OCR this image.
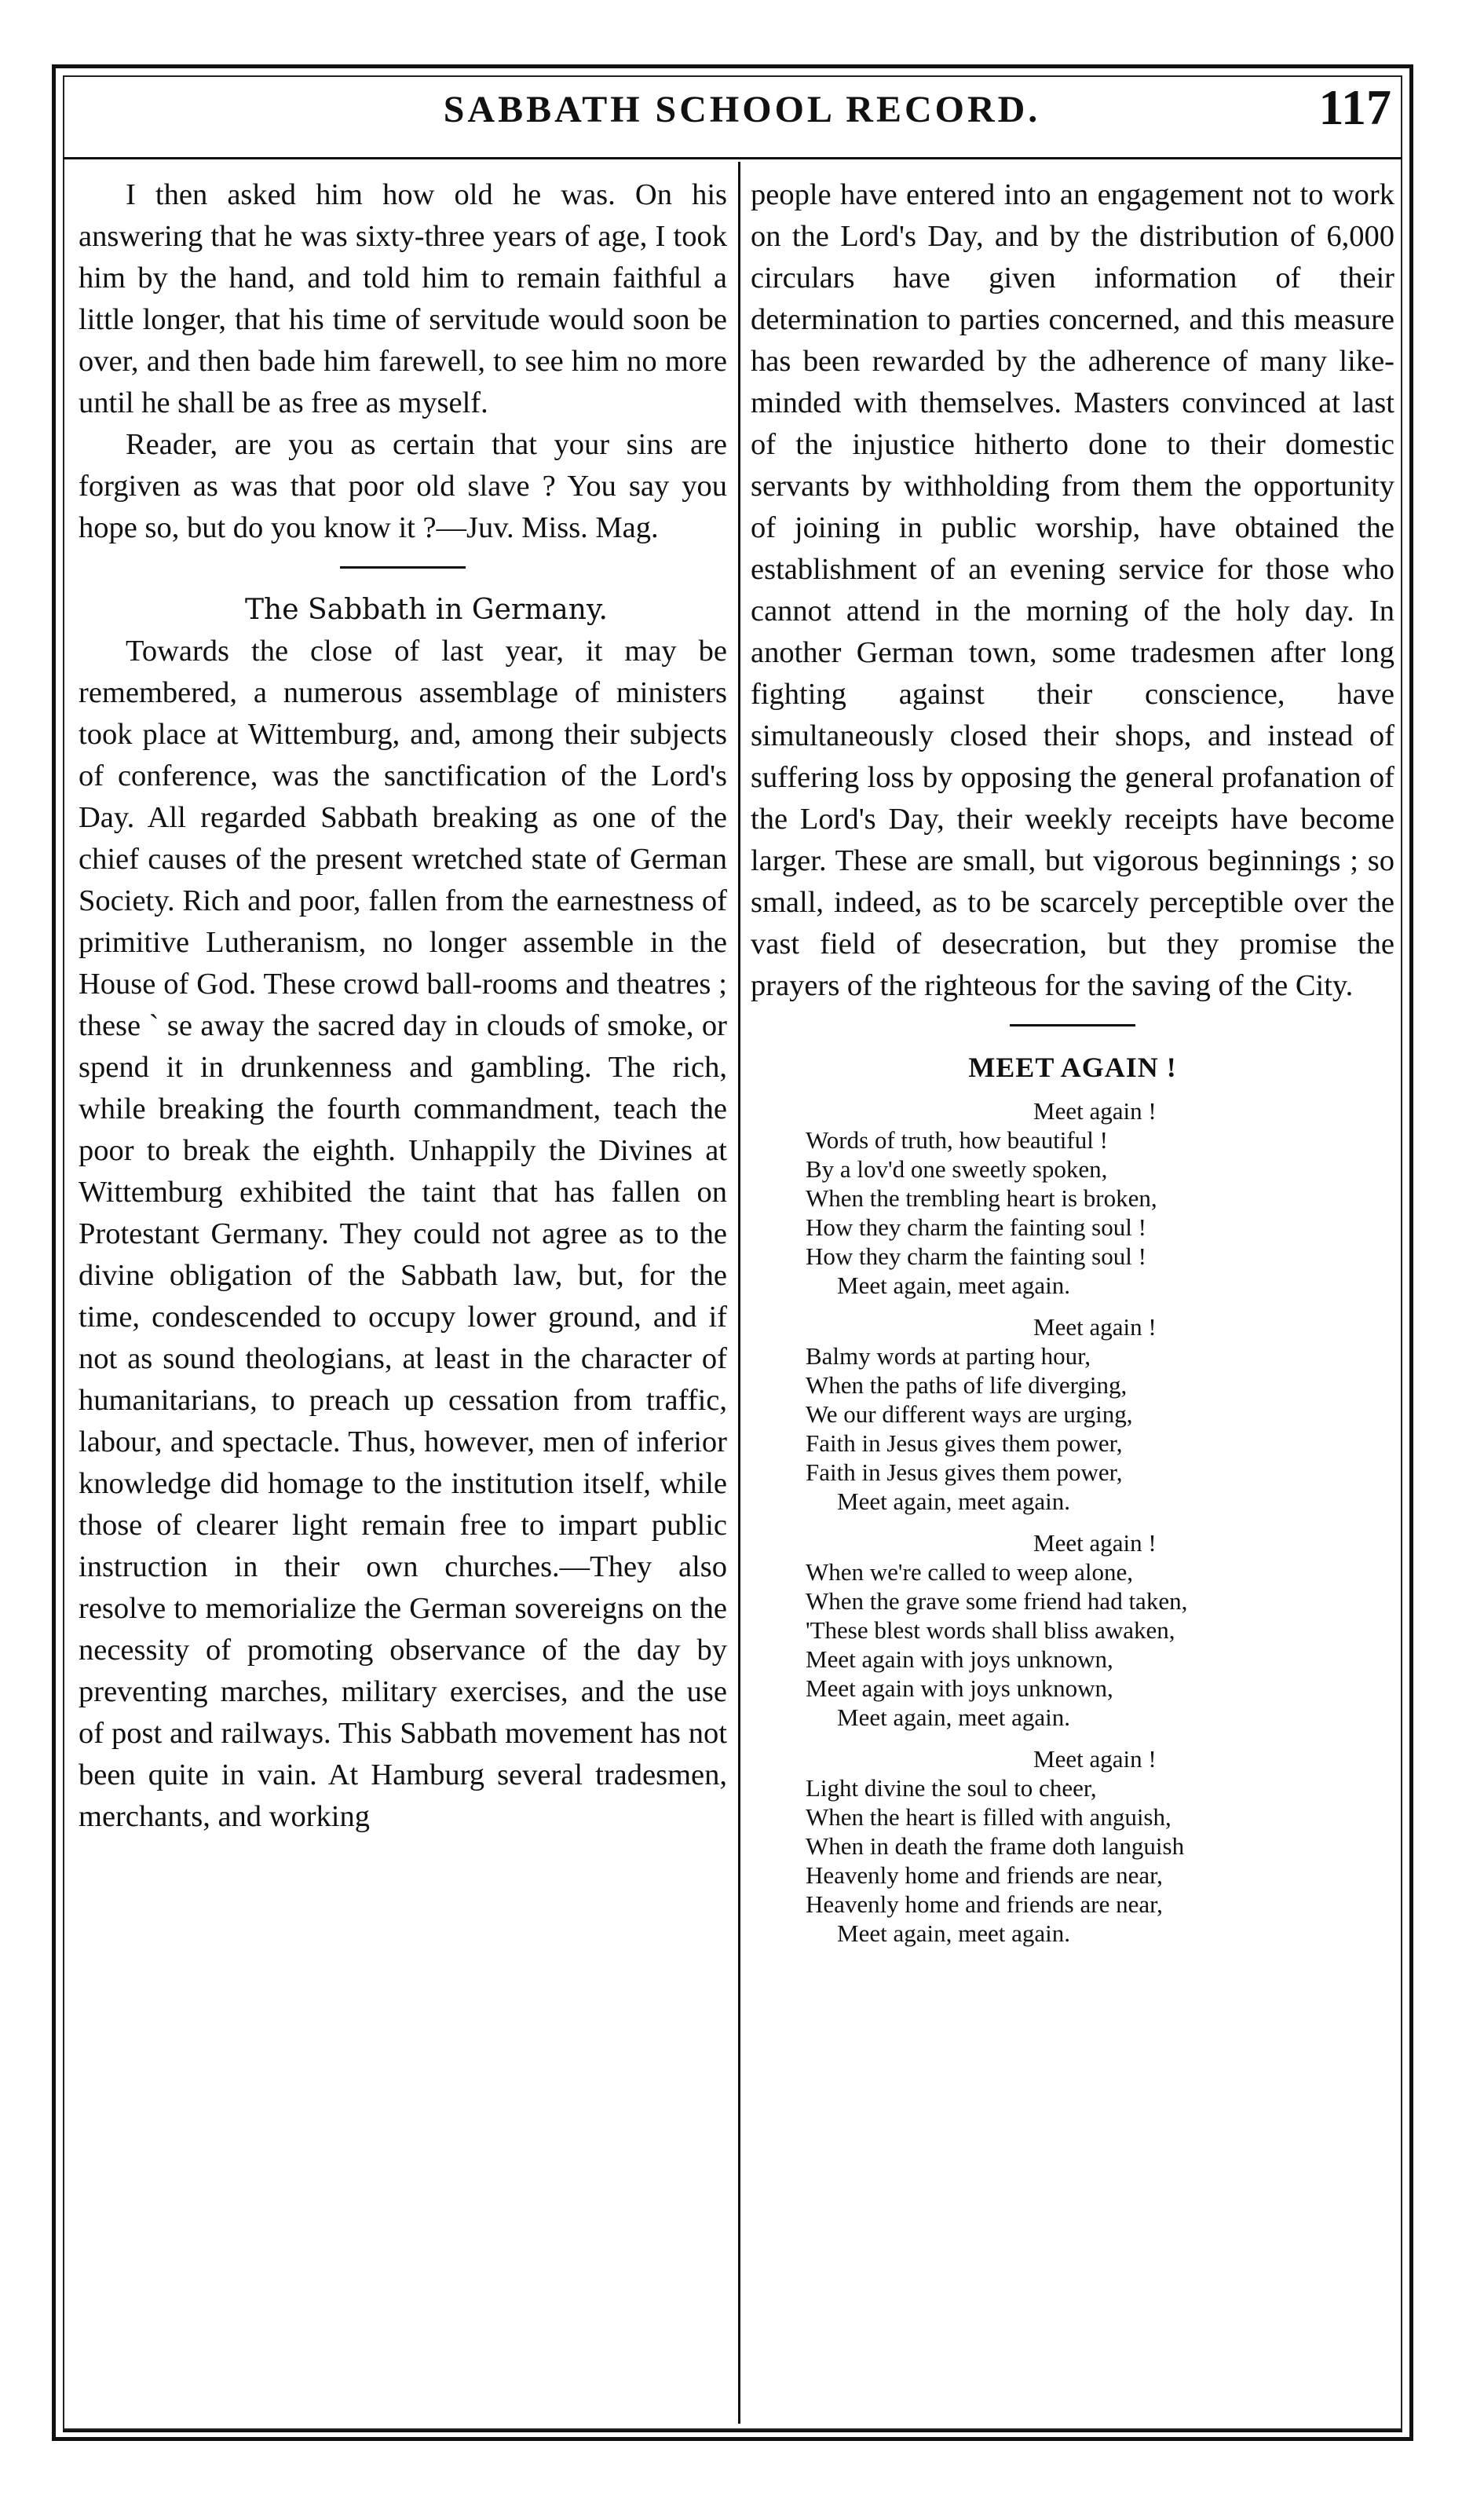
SABBATH SCHOOL RECORD.	117

I then asked him how old he was. On his answering that he was sixty-three years of age, I took him by the hand, and told him to remain faithful a little longer, that his time of servitude would soon be over, and then bade him farewell, to see him no more until he shall be as free as myself.

Reader, are you as certain that your sins are forgiven as was that poor old slave ? You say you hope so, but do you know it ?—Juv. Miss. Mag.

The Sabbath in Germany.

Towards the close of last year, it may be remembered, a numerous assemblage of ministers took place at Wittemburg, and, among their subjects of conference, was the sanctification of the Lord's Day. All regarded Sabbath breaking as one of the chief causes of the present wretched state of German Society. Rich and poor, fallen from the earnestness of primitive Lutheranism, no longer assemble in the House of God. These crowd ball-rooms and theatres ; these ` se away the sacred day in clouds of smoke, or spend it in drunkenness and gambling. The rich, while breaking the fourth commandment, teach the poor to break the eighth. Unhappily the Divines at Wittemburg exhibited the taint that has fallen on Protestant Germany. They could not agree as to the divine obligation of the Sabbath law, but, for the time, condescended to occupy lower ground, and if not as sound theologians, at least in the character of humanitarians, to preach up cessation from traffic, labour, and spectacle. Thus, however, men of inferior knowledge did homage to the institution itself, while those of clearer light remain free to impart public instruction in their own churches.—They also resolve to memorialize the German sovereigns on the necessity of promoting observance of the day by preventing marches, military exercises, and the use of post and railways. This Sabbath movement has not been quite in vain. At Hamburg several tradesmen, merchants, and working

people have entered into an engagement not to work on the Lord's Day, and by the distribution of 6,000 circulars have given information of their determination to parties concerned, and this measure has been rewarded by the adherence of many like-minded with themselves. Masters convinced at last of the injustice hitherto done to their domestic servants by withholding from them the opportunity of joining in public worship, have obtained the establishment of an evening service for those who cannot attend in the morning of the holy day. In another German town, some tradesmen after long fighting against their conscience, have simultaneously closed their shops, and instead of suffering loss by opposing the general profanation of the Lord's Day, their weekly receipts have become larger. These are small, but vigorous beginnings ; so small, indeed, as to be scarcely perceptible over the vast field of desecration, but they promise the prayers of the righteous for the saving of the City.

MEET AGAIN !
Meet again !
Words of truth, how beautiful !
By a lov'd one sweetly spoken,
When the trembling heart is broken,
How they charm the fainting soul !
How they charm the fainting soul !
Meet again, meet again.
Meet again !
Balmy words at parting hour,
When the paths of life diverging,
We our different ways are urging,
Faith in Jesus gives them power,
Faith in Jesus gives them power,
Meet again, meet again.
Meet again !
When we're called to weep alone,
When the grave some friend had taken,
'These blest words shall bliss awaken,
Meet again with joys unknown,
Meet again with joys unknown,
Meet again, meet again.
Meet again !
Light divine the soul to cheer,
When the heart is filled with anguish,
When in death the frame doth languish
Heavenly home and friends are near,
Heavenly home and friends are near,
Meet again, meet again.
